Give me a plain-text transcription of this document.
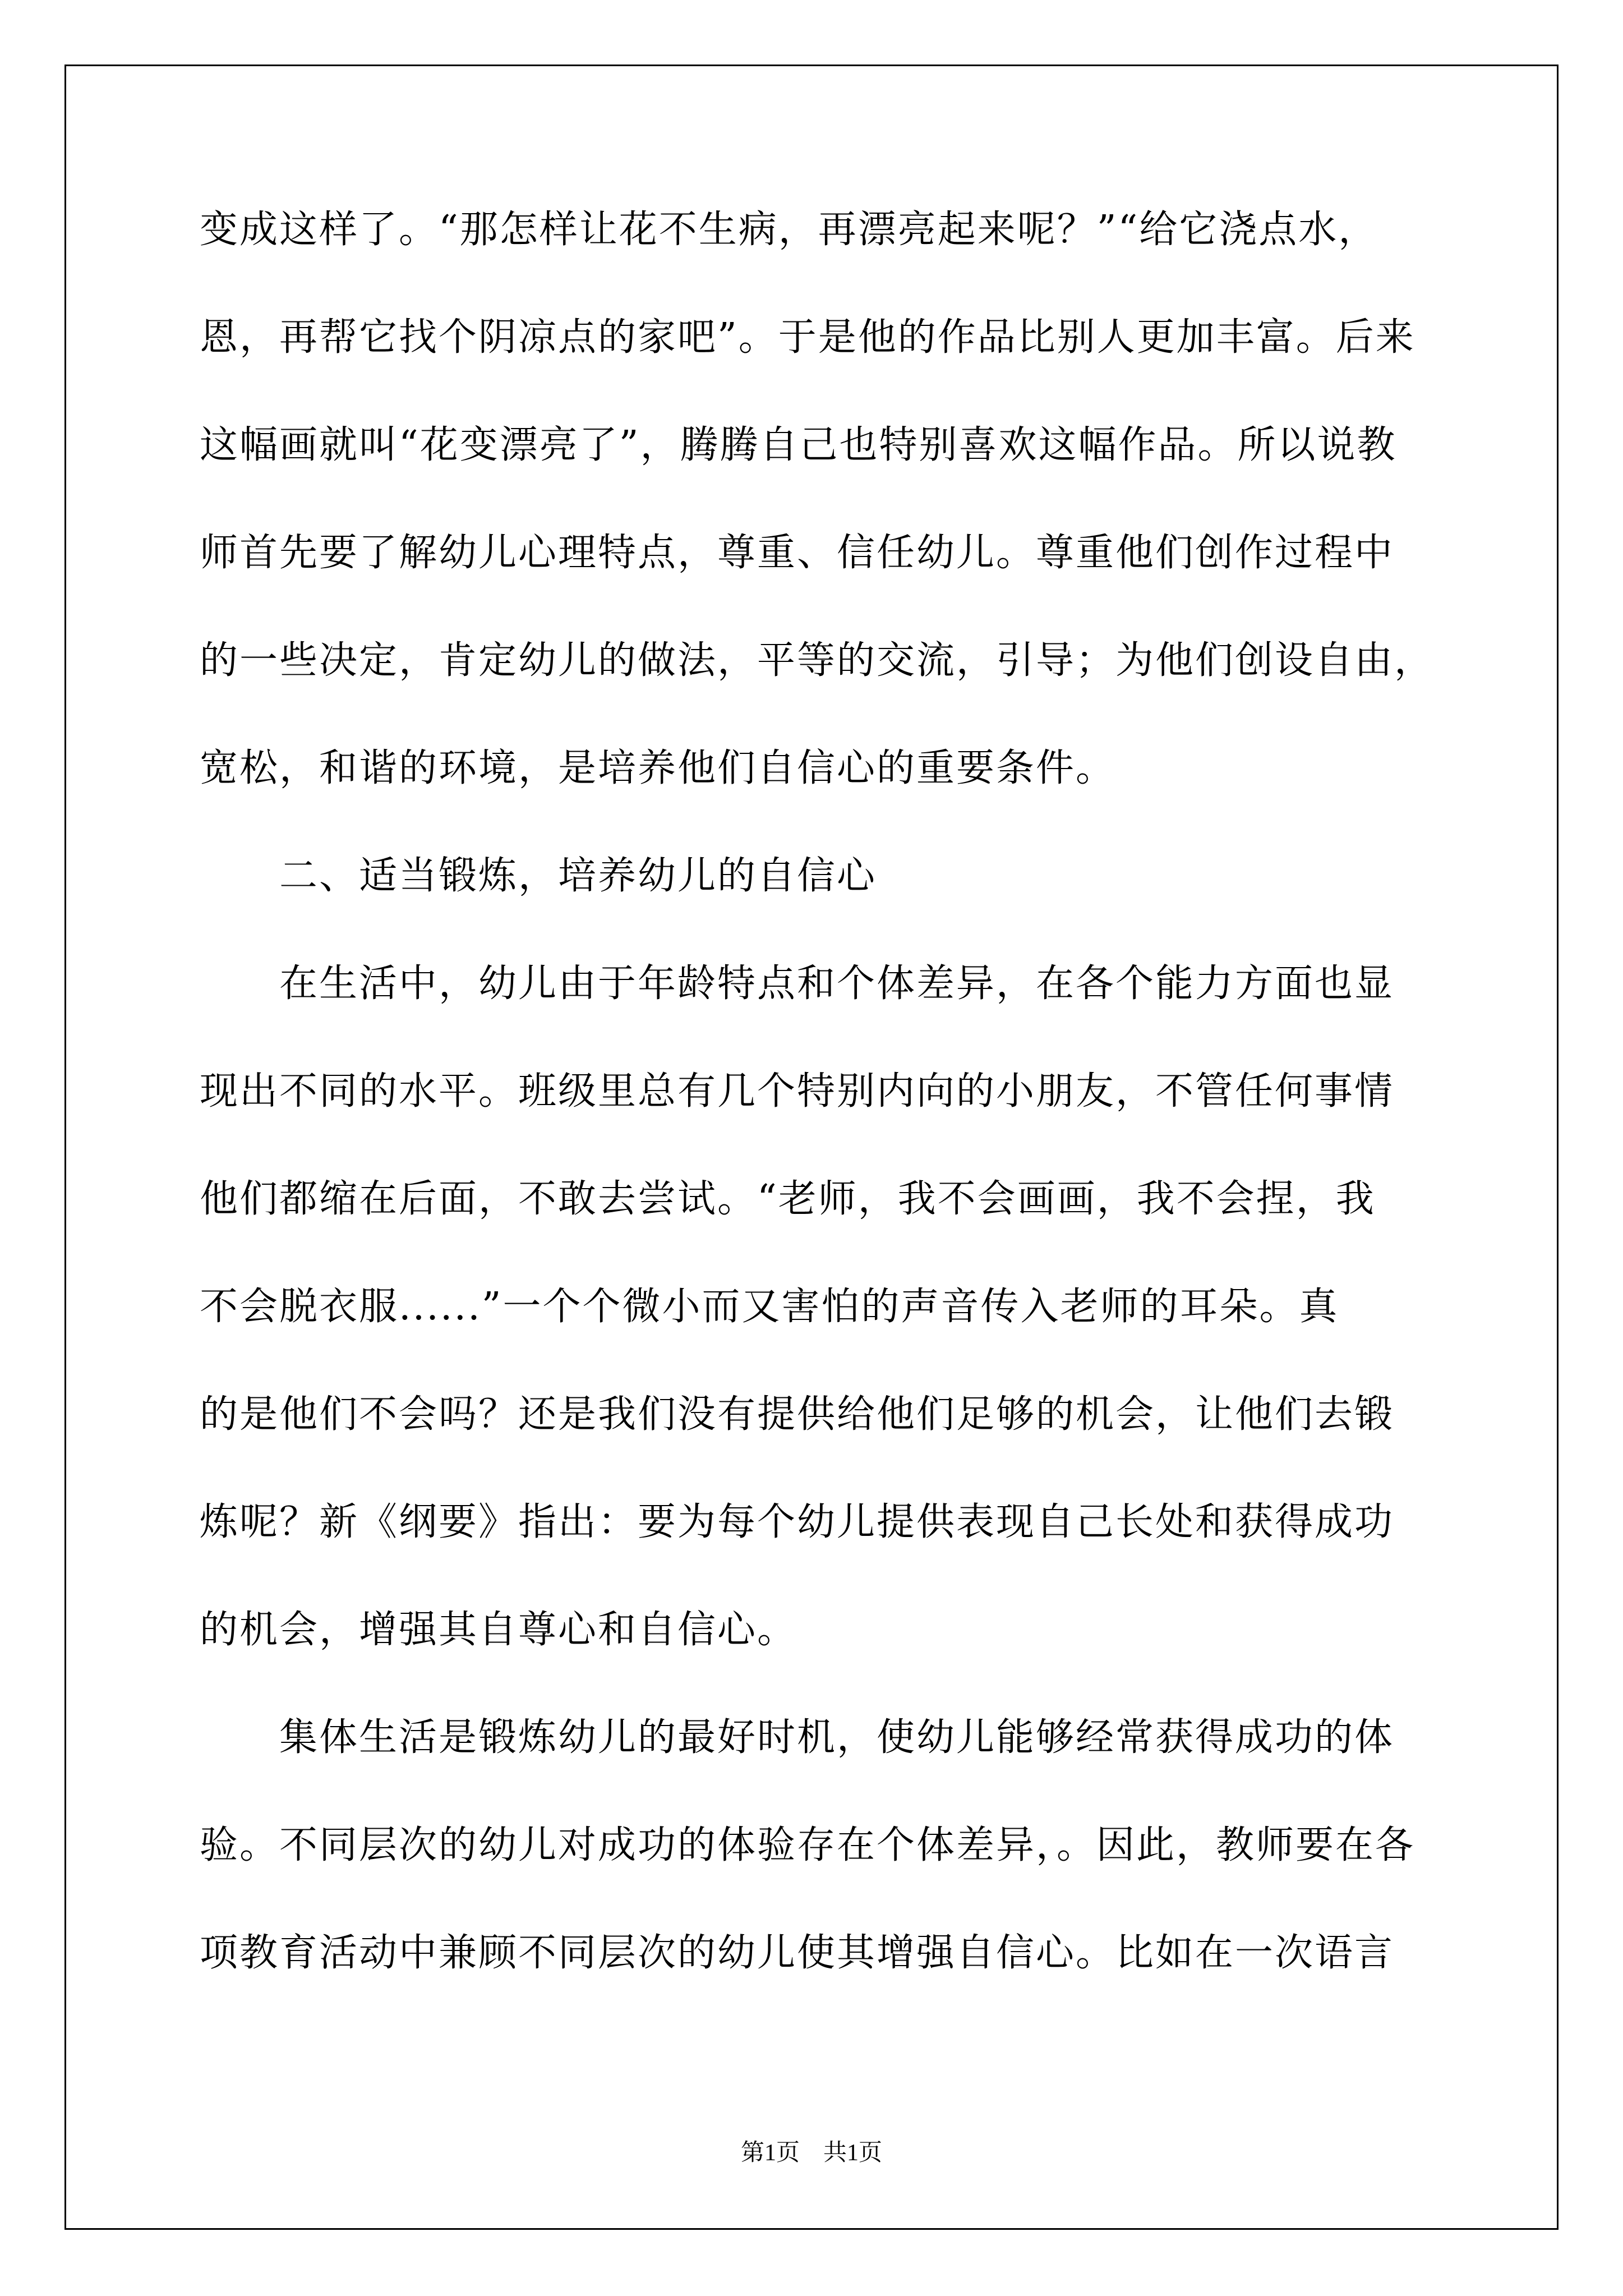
变成这样了。“那怎样让花不生病，再漂亮起来呢？”“给它浇点水，
恩，再帮它找个阴凉点的家吧”。于是他的作品比别人更加丰富。后来
这幅画就叫“花变漂亮了”，腾腾自己也特别喜欢这幅作品。所以说教
师首先要了解幼儿心理特点，尊重、信任幼儿。尊重他们创作过程中
的一些决定，肯定幼儿的做法，平等的交流，引导；为他们创设自由，
宽松，和谐的环境，是培养他们自信心的重要条件。
　　二、适当锻炼，培养幼儿的自信心
　　在生活中，幼儿由于年龄特点和个体差异，在各个能力方面也显
现出不同的水平。班级里总有几个特别内向的小朋友，不管任何事情
他们都缩在后面，不敢去尝试。“老师，我不会画画，我不会捏，我
不会脱衣服......”一个个微小而又害怕的声音传入老师的耳朵。真
的是他们不会吗？还是我们没有提供给他们足够的机会，让他们去锻
炼呢？新《纲要》指出：要为每个幼儿提供表现自己长处和获得成功
的机会，增强其自尊心和自信心。
　　集体生活是锻炼幼儿的最好时机，使幼儿能够经常获得成功的体
验。不同层次的幼儿对成功的体验存在个体差异，。因此，教师要在各
项教育活动中兼顾不同层次的幼儿使其增强自信心。比如在一次语言
第1页　共1页
